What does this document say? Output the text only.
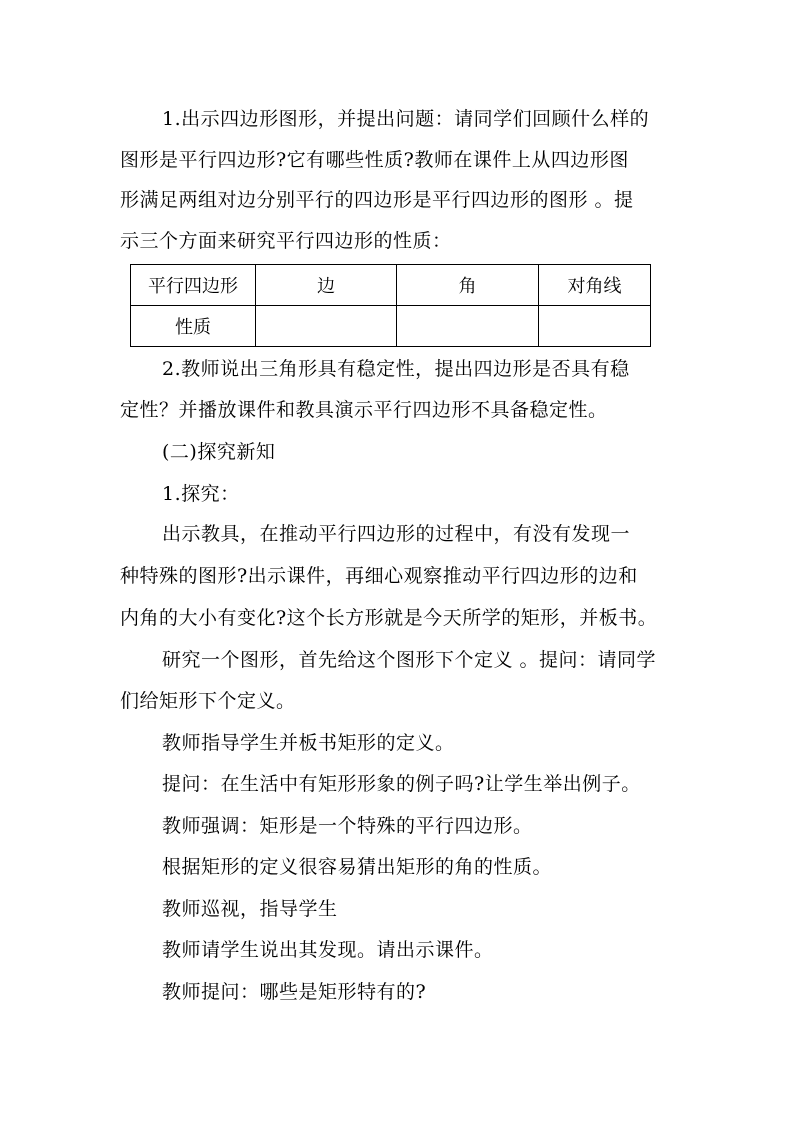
1.出示四边形图形，并提出问题：请同学们回顾什么样的
图形是平行四边形?它有哪些性质?教师在课件上从四边形图
形满足两组对边分别平行的四边形是平行四边形的图形 。提
示三个方面来研究平行四边形的性质：
平行四边形	边	角	对角线
性质			
2.教师说出三角形具有稳定性，提出四边形是否具有稳
定性？并播放课件和教具演示平行四边形不具备稳定性。
(二)探究新知
1.探究：
出示教具，在推动平行四边形的过程中，有没有发现一
种特殊的图形?出示课件，再细心观察推动平行四边形的边和
内角的大小有变化?这个长方形就是今天所学的矩形，并板书。
研究一个图形，首先给这个图形下个定义 。提问：请同学
们给矩形下个定义。
教师指导学生并板书矩形的定义。
提问：在生活中有矩形形象的例子吗?让学生举出例子。
教师强调：矩形是一个特殊的平行四边形。
根据矩形的定义很容易猜出矩形的角的性质。
教师巡视，指导学生
教师请学生说出其发现。请出示课件。
教师提问：哪些是矩形特有的?
